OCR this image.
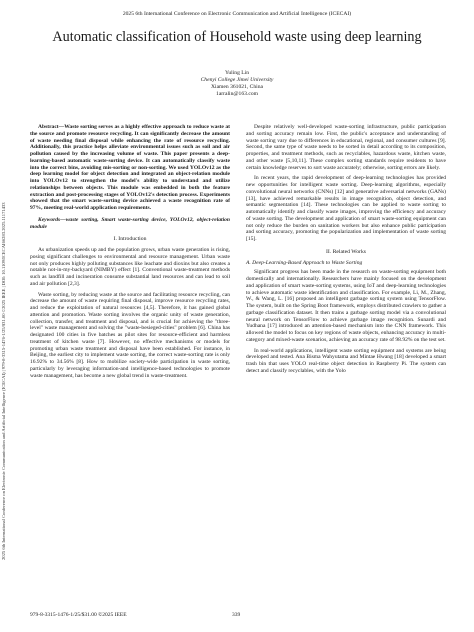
2025 6th International Conference on Electronic Communication and Artificial Intelligence (ICECAI)
2025 6th International Conference on Electronic Communication and Artificial Intelligence (ICECAI) | 979-8-3315-1476-1/25/$31.00 ©2025 IEEE | DOI: 10.1109/ICECAI66283.2025.11171433
Automatic classification of Household waste using deep learning
Yuling Lin
Chenyi College Jimei University
Xiamen 361021, China
1arralin@163.com

Abstract—Waste sorting serves as a highly effective approach to reduce waste at the source and promote resource recycling. It can significantly decrease the amount of waste needing final disposal while enhancing the rate of resource recycling. Additionally, this practice helps alleviate environmental issues such as soil and air pollution caused by the increasing volume of waste. This paper presents a deep-learning-based automatic waste-sorting device. It can automatically classify waste into the correct bins, avoiding mis-sorting or non-sorting. We used YOLOv12 as the deep learning model for object detection and integrated an object-relation module into YOLOv12 to strengthen the model's ability to understand and utilize relationships between objects. This module was embedded in both the feature extraction and post-processing stages of YOLOv12's detection process. Experiments showed that the smart waste-sorting device achieved a waste recognition rate of 97%, meeting real-world application requirements.

Keywords—waste sorting, Smart waste-sorting device, YOLOv12, object-relation module

I. Introduction

As urbanization speeds up and the population grows, urban waste generation is rising, posing significant challenges to environmental and resource management. Urban waste not only produces highly polluting substances like leachate and dioxins but also creates a notable not-in-my-backyard (NIMBY) effect [1]. Conventional waste-treatment methods such as landfill and incineration consume substantial land resources and can lead to soil and air pollution [2,3].

Waste sorting, by reducing waste at the source and facilitating resource recycling, can decrease the amount of waste requiring final disposal, improve resource recycling rates, and reduce the exploitation of natural resources [4,5]. Therefore, it has gained global attention and promotion. Waste sorting involves the organic unity of waste generation, collection, transfer, and treatment and disposal, and is crucial for achieving the "three-level" waste management and solving the "waste-besieged-cities" problem [6]. China has designated 100 cities in five batches as pilot sites for resource-efficient and harmless treatment of kitchen waste [7]. However, no effective mechanisms or models for promoting urban waste treatment and disposal have been established. For instance, in Beijing, the earliest city to implement waste sorting, the correct waste-sorting rate is only 16.92% to 34.56% [8]. How to mobilize society-wide participation in waste sorting, particularly by leveraging information-and intelligence-based technologies to promote waste management, has become a new global trend in waste-treatment.

Despite relatively well-developed waste-sorting infrastructure, public participation and sorting accuracy remain low. First, the public's acceptance and understanding of waste sorting vary due to differences in educational, regional, and consumer cultures [9]. Second, the same type of waste needs to be sorted in detail according to its composition, properties, and treatment methods, such as recyclables, hazardous waste, kitchen waste, and other waste [5,10,11]. These complex sorting standards require residents to have certain knowledge reserves to sort waste accurately; otherwise, sorting errors are likely.

In recent years, the rapid development of deep-learning technologies has provided new opportunities for intelligent waste sorting. Deep-learning algorithms, especially convolutional neural networks (CNNs) [12] and generative adversarial networks (GANs) [13], have achieved remarkable results in image recognition, object detection, and semantic segmentation [14]. These technologies can be applied to waste sorting to automatically identify and classify waste images, improving the efficiency and accuracy of waste sorting. The development and application of smart waste-sorting equipment can not only reduce the burden on sanitation workers but also enhance public participation and sorting accuracy, promoting the popularization and implementation of waste sorting [15].

II. Related Works
A. Deep-Learning-Based Approach to Waste Sorting

Significant progress has been made in the research on waste-sorting equipment both domestically and internationally. Researchers have mainly focused on the development and application of smart waste-sorting systems, using IoT and deep-learning technologies to achieve automatic waste identification and classification. For example, Li, M., Zhang, W., & Wang, L. [16] proposed an intelligent garbage sorting system using TensorFlow. The system, built on the Spring Boot framework, employs distributed crawlers to gather a garbage classification dataset. It then trains a garbage sorting model via a convolutional neural network on TensorFlow to achieve garbage image recognition. Sunardi and Yudhana [17] introduced an attention-based mechanism into the CNN framework. This allowed the model to focus on key regions of waste objects, enhancing accuracy in multi-category and mixed-waste scenarios, achieving an accuracy rate of 98.92% on the test set.

In real-world applications, intelligent waste sorting equipment and systems are being developed and tested. Ana Bisma Wahyutama and Mintae Hwang [18] developed a smart trash bin that uses YOLO real-time object detection in Raspberry Pi. The system can detect and classify recyclables, with the Yolo

979-8-3315-1476-1/25/$31.00 ©2025 IEEE	339
